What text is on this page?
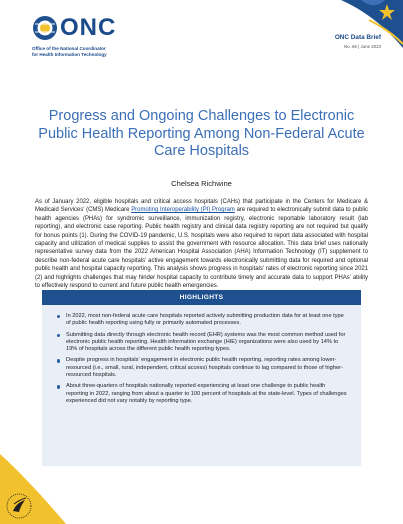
ONC
Office of the National Coordinator
for Health Information Technology
ONC Data Brief
No. 66 | June 2023
Progress and Ongoing Challenges to Electronic Public Health Reporting Among Non-Federal Acute Care Hospitals
Chelsea Richwine
As of January 2022, eligible hospitals and critical access hospitals (CAHs) that participate in the Centers for Medicare & Medicaid Services’ (CMS) Medicare Promoting Interoperability (PI) Program are required to electronically submit data to public health agencies (PHAs) for syndromic surveillance, immunization registry, electronic reportable laboratory result (lab reporting), and electronic case reporting. Public health registry and clinical data registry reporting are not required but qualify for bonus points (1). During the COVID-19 pandemic, U.S. hospitals were also required to report data associated with hospital capacity and utilization of medical supplies to assist the government with resource allocation. This data brief uses nationally representative survey data from the 2022 American Hospital Association (AHA) Information Technology (IT) supplement to describe non-federal acute care hospitals’ active engagement towards electronically submitting data for required and optional public health and hospital capacity reporting. This analysis shows progress in hospitals’ rates of electronic reporting since 2021 (2) and highlights challenges that may hinder hospital capacity to contribute timely and accurate data to support PHAs’ ability to effectively respond to current and future public health emergencies.
HIGHLIGHTS
In 2022, most non-federal acute care hospitals reported actively submitting production data for at least one type of public health reporting using fully or primarily automated processes.
Submitting data directly through electronic health record (EHR) systems was the most common method used for electronic public health reporting. Health information exchange (HIE) organizations were also used by 14% to 19% of hospitals across the different public health reporting types.
Despite progress in hospitals’ engagement in electronic public health reporting, reporting rates among lower-resourced (i.e., small, rural, independent, critical access) hospitals continue to lag compared to those of higher-resourced hospitals.
About three-quarters of hospitals nationally reported experiencing at least one challenge to public health reporting in 2022, ranging from about a quarter to 100 percent of hospitals at the state-level. Types of challenges experienced did not vary notably by reporting type.
